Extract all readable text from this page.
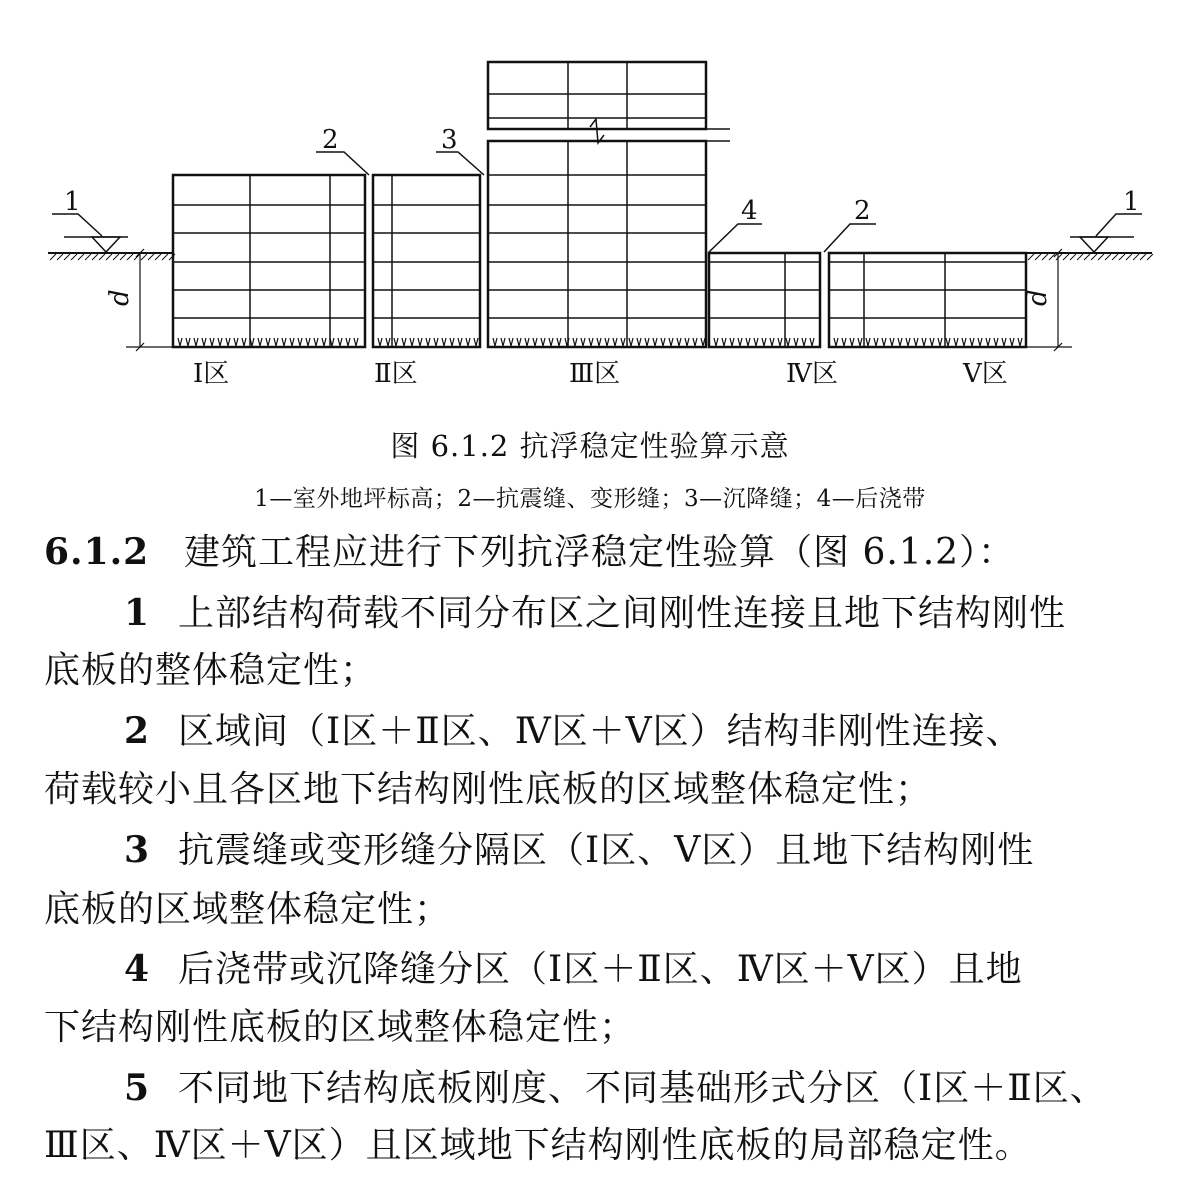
1
2	3
2
4	1
d	d
Ⅰ区	Ⅱ区	Ⅲ区	Ⅳ区	Ⅴ区
图 6.1.2 抗浮稳定性验算示意
1—室外地坪标高；2—抗震缝、变形缝；3—沉降缝；4—后浇带
6.1.2 建筑工程应进行下列抗浮稳定性验算（图 6.1.2）：
1 上部结构荷载不同分布区之间刚性连接且地下结构刚性
底板的整体稳定性；
2 区域间（Ⅰ区＋Ⅱ区、Ⅳ区＋Ⅴ区）结构非刚性连接、
荷载较小且各区地下结构刚性底板的区域整体稳定性；
3 抗震缝或变形缝分隔区（Ⅰ区、Ⅴ区）且地下结构刚性
底板的区域整体稳定性；
4 后浇带或沉降缝分区（Ⅰ区＋Ⅱ区、Ⅳ区＋Ⅴ区）且地
下结构刚性底板的区域整体稳定性；
5 不同地下结构底板刚度、不同基础形式分区（Ⅰ区＋Ⅱ区、
Ⅲ区、Ⅳ区＋Ⅴ区）且区域地下结构刚性底板的局部稳定性。
